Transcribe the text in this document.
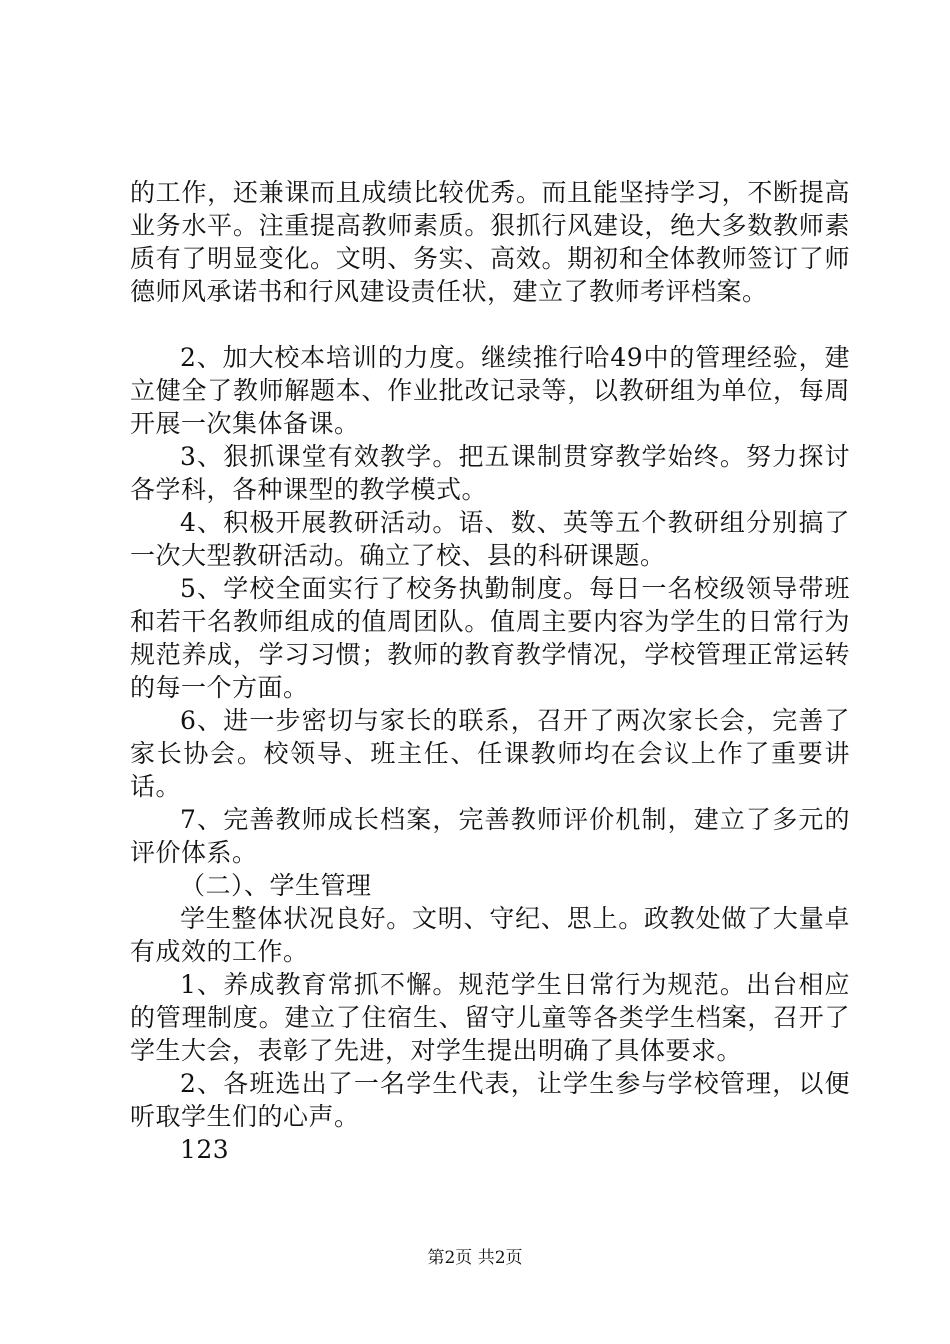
的工作，还兼课而且成绩比较优秀。而且能坚持学习，不断提高业务水平。注重提高教师素质。狠抓行风建设，绝大多数教师素质有了明显变化。文明、务实、高效。期初和全体教师签订了师德师风承诺书和行风建设责任状，建立了教师考评档案。

2、加大校本培训的力度。继续推行哈49中的管理经验，建立健全了教师解题本、作业批改记录等，以教研组为单位，每周开展一次集体备课。

3、狠抓课堂有效教学。把五课制贯穿教学始终。努力探讨各学科，各种课型的教学模式。

4、积极开展教研活动。语、数、英等五个教研组分别搞了一次大型教研活动。确立了校、县的科研课题。

5、学校全面实行了校务执勤制度。每日一名校级领导带班和若干名教师组成的值周团队。值周主要内容为学生的日常行为规范养成，学习习惯；教师的教育教学情况，学校管理正常运转的每一个方面。

6、进一步密切与家长的联系，召开了两次家长会，完善了家长协会。校领导、班主任、任课教师均在会议上作了重要讲话。

7、完善教师成长档案，完善教师评价机制，建立了多元的评价体系。

（二）、学生管理

学生整体状况良好。文明、守纪、思上。政教处做了大量卓有成效的工作。

1、养成教育常抓不懈。规范学生日常行为规范。出台相应的管理制度。建立了住宿生、留守儿童等各类学生档案，召开了学生大会，表彰了先进，对学生提出明确了具体要求。

2、各班选出了一名学生代表，让学生参与学校管理，以便听取学生们的心声。

123

第2页 共2页
